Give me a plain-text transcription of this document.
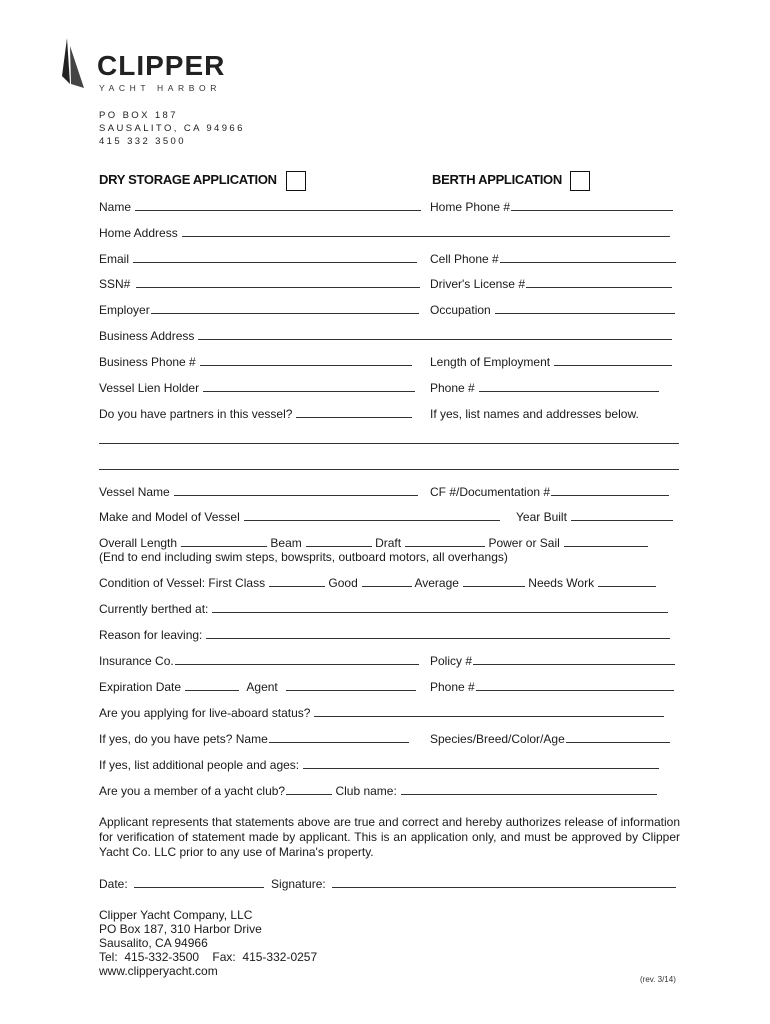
CLIPPER
YACHT HARBOR
PO BOX 187
SAUSALITO, CA 94966
415 332 3500
DRY STORAGE APPLICATION	BERTH APPLICATION
Name	Home Phone #
Home Address
Email	Cell Phone #
SSN#	Driver's License #
Employer	Occupation
Business Address
Business Phone #	Length of Employment
Vessel Lien Holder	Phone #
Do you have partners in this vessel?	If yes, list names and addresses below.
Vessel Name	CF #/Documentation #
Make and Model of Vessel	Year Built
Overall Length	Beam	Draft	Power or Sail
(End to end including swim steps, bowsprits, outboard motors, all overhangs)
Condition of Vessel: First Class	Good	Average	Needs Work
Currently berthed at:
Reason for leaving:
Insurance Co.	Policy #
Expiration Date	Agent	Phone #
Are you applying for live-aboard status?
If yes, do you have pets? Name	Species/Breed/Color/Age
If yes, list additional people and ages:
Are you a member of a yacht club?	Club name:
Applicant represents that statements above are true and correct and hereby authorizes release of information for verification of statement made by applicant. This is an application only, and must be approved by Clipper Yacht Co. LLC prior to any use of Marina's property.
Date:	Signature:
Clipper Yacht Company, LLC
PO Box 187, 310 Harbor Drive
Sausalito, CA 94966
Tel:  415-332-3500    Fax:  415-332-0257
www.clipperyacht.com
(rev. 3/14)
